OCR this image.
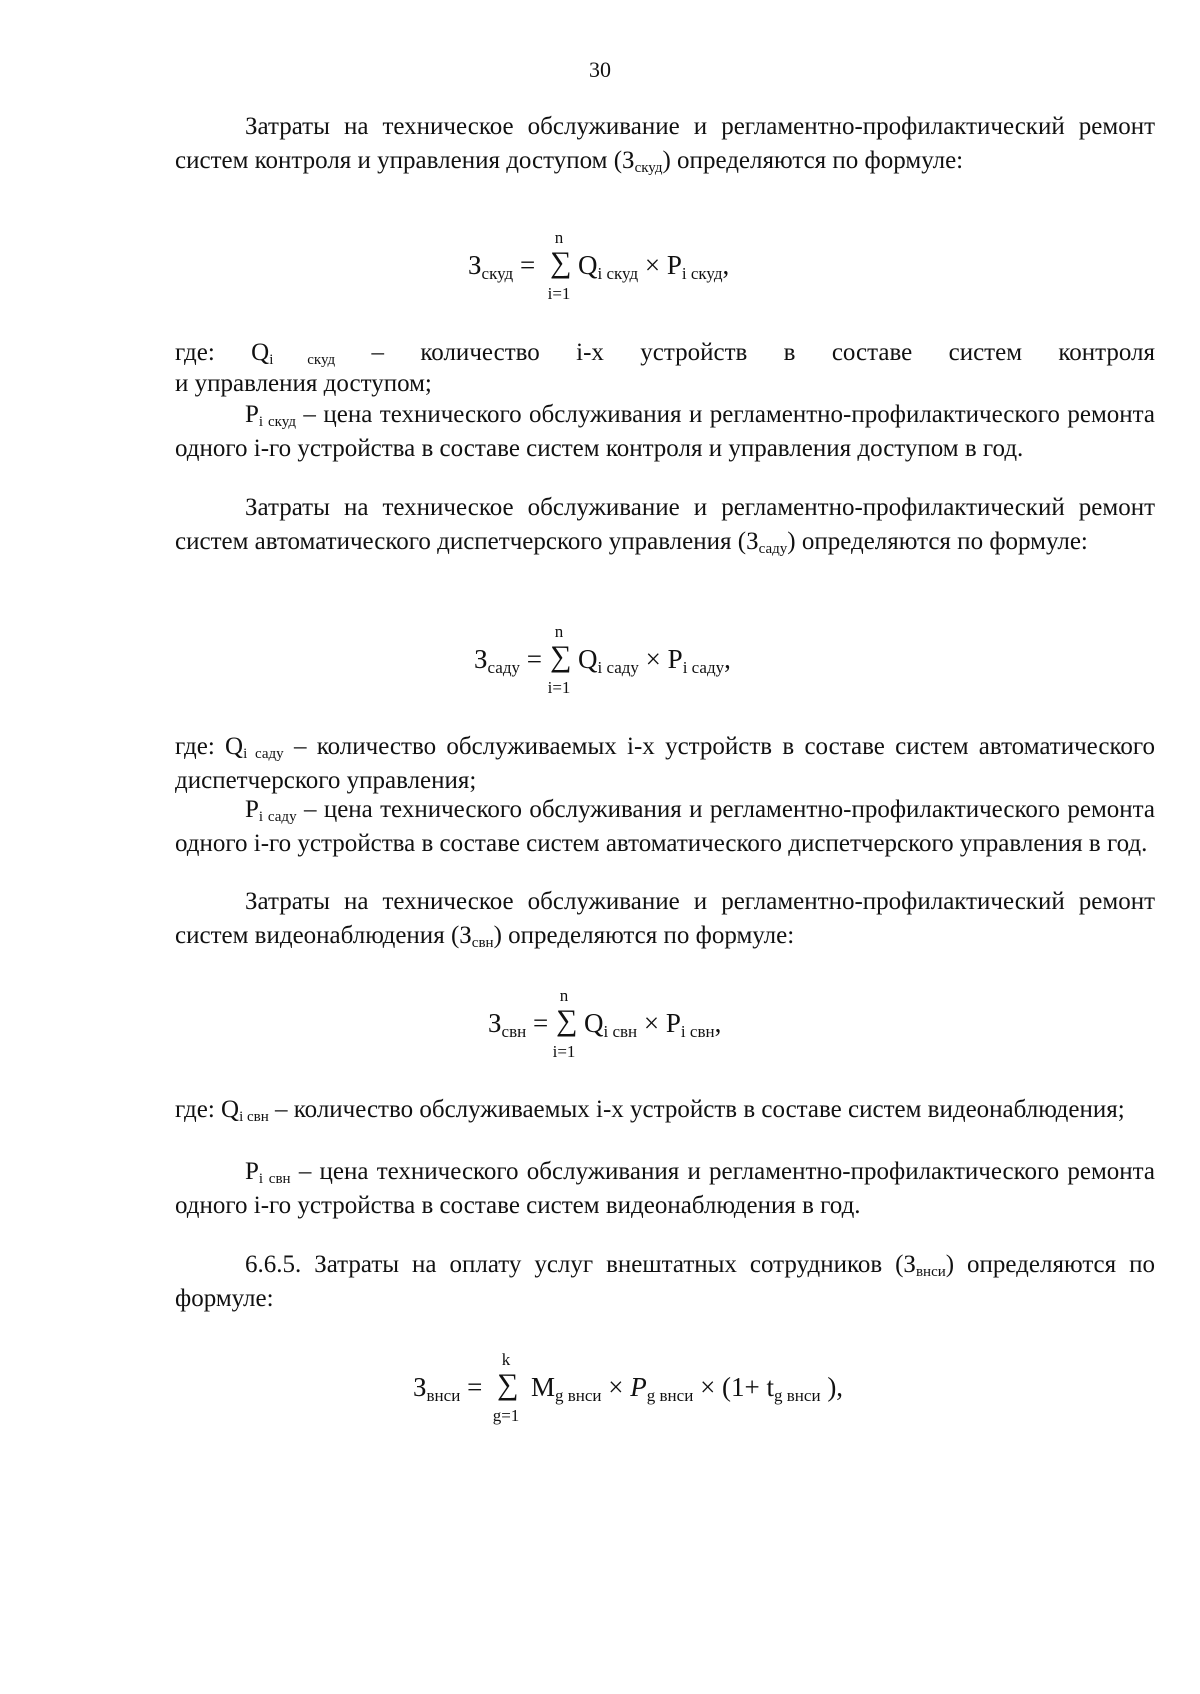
30

Затраты на техническое обслуживание и регламентно-профилактический ремонт систем контроля и управления доступом $(З_{скуд})$ определяются по формуле:

$З_{скуд}$ =
n
∑
i=1
$Q_{i скуд} \times P_{i скуд}$,

где: $Q_{i скуд}$ – количество i-х устройств в составе систем контроля

и управления доступом;

$P_{i скуд}$ – цена технического обслуживания и регламентно-профилактического ремонта одного i-го устройства в составе систем контроля и управления доступом в год.

Затраты на техническое обслуживание и регламентно-профилактический ремонт систем автоматического диспетчерского управления $(З_{саду})$ определяются по формуле:

$З_{саду}$ =
n
∑
i=1
$Q_{i саду} \times P_{i саду}$,

где: $Q_{i саду}$ – количество обслуживаемых i-х устройств в составе систем автоматического диспетчерского управления;

$P_{i саду}$ – цена технического обслуживания и регламентно-профилактического ремонта одного i-го устройства в составе систем автоматического диспетчерского управления в год.

Затраты на техническое обслуживание и регламентно-профилактический ремонт систем видеонаблюдения $(З_{свн})$ определяются по формуле:

$З_{свн}$ =
n
∑
i=1
$Q_{i свн} \times P_{i свн}$,

где: $Q_{i свн}$ – количество обслуживаемых i-х устройств в составе систем видеонаблюдения;

$P_{i свн}$ – цена технического обслуживания и регламентно-профилактического ремонта одного i-го устройства в составе систем видеонаблюдения в год.

6.6.5. Затраты на оплату услуг внештатных сотрудников $(З_{внси})$ определяются по формуле:

$З_{внси}$ =
k
∑
g=1
$M_{g внси} \times P_{g внси} \times (1+ t_{g внси}$ ),
